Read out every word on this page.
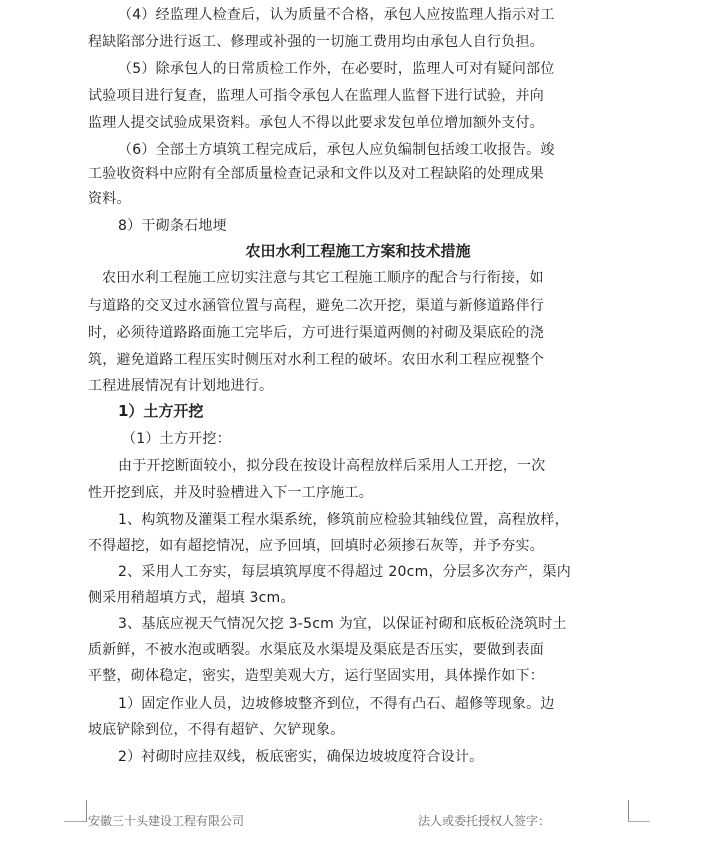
（4）经监理人检查后，认为质量不合格，承包人应按监理人指示对工
程缺陷部分进行返工、修理或补强的一切施工费用均由承包人自行负担。
（5）除承包人的日常质检工作外，在必要时，监理人可对有疑问部位
试验项目进行复查，监理人可指令承包人在监理人监督下进行试验，并向
监理人提交试验成果资料。承包人不得以此要求发包单位增加额外支付。
（6）全部土方填筑工程完成后，承包人应负编制包括竣工收报告。竣
工验收资料中应附有全部质量检查记录和文件以及对工程缺陷的处理成果
资料。
8）干砌条石地埂
农田水利工程施工方案和技术措施
农田水利工程施工应切实注意与其它工程施工顺序的配合与行衔接，如
与道路的交叉过水涵管位置与高程，避免二次开挖，渠道与新修道路伴行
时，必须待道路路面施工完毕后，方可进行渠道两侧的衬砌及渠底砼的浇
筑，避免道路工程压实时侧压对水利工程的破坏。农田水利工程应视整个
工程进展情况有计划地进行。
1）土方开挖
（1）土方开挖：
由于开挖断面较小，拟分段在按设计高程放样后采用人工开挖，一次
性开挖到底，并及时验槽进入下一工序施工。
1、构筑物及灌渠工程水渠系统，修筑前应检验其轴线位置，高程放样，
不得超挖，如有超挖情况，应予回填，回填时必须掺石灰等，并予夯实。
2、采用人工夯实，每层填筑厚度不得超过 20cm，分层多次夯产，渠内
侧采用稍超填方式，超填 3cm。
3、基底应视天气情况欠挖 3-5cm 为宜，以保证衬砌和底板砼浇筑时土
质新鲜，不被水泡或晒裂。水渠底及水渠堤及渠底是否压实，要做到表面
平整，砌体稳定，密实，造型美观大方，运行坚固实用，具体操作如下：
1）固定作业人员，边坡修坡整齐到位，不得有凸石、超修等现象。边
坡底铲除到位，不得有超铲、欠铲现象。
2）衬砌时应挂双线，板底密实，确保边坡坡度符合设计。
安徽三十头建设工程有限公司	法人或委托授权人签字：
